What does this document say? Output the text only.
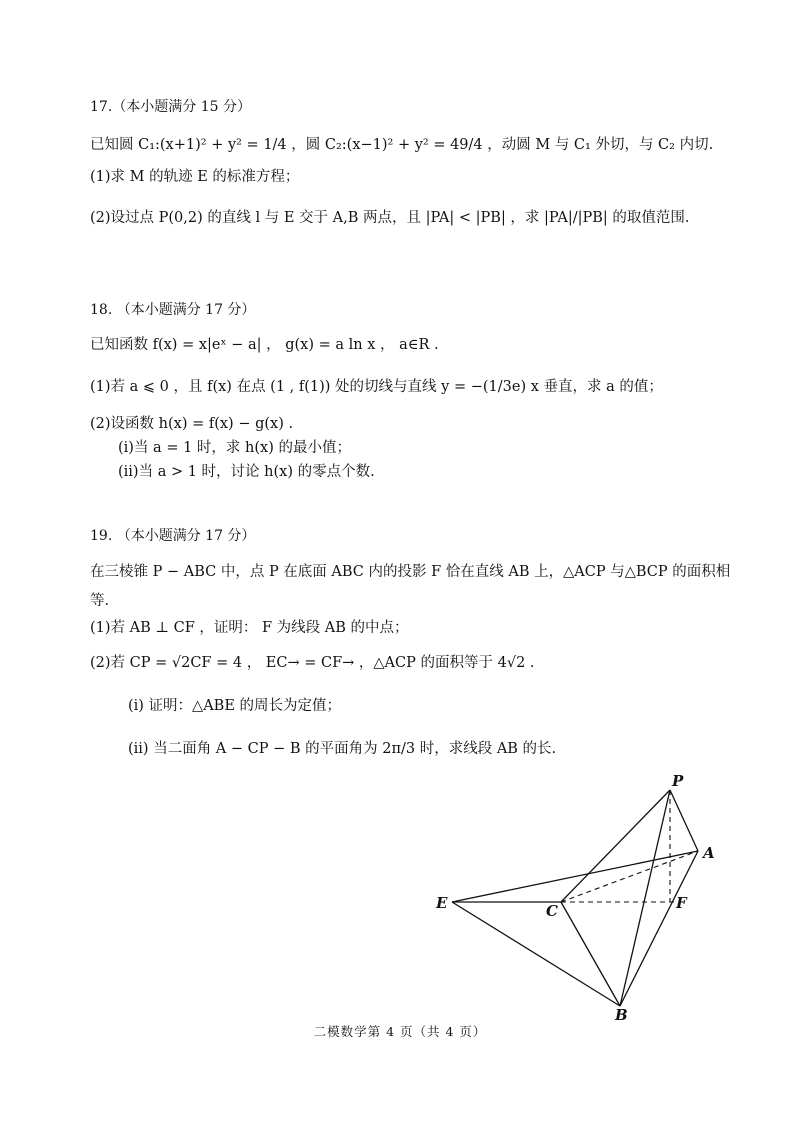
17.（本小题满分 15 分）
已知圆 C₁:(x+1)² + y² = 1/4 ，圆 C₂:(x−1)² + y² = 49/4 ，动圆 M 与 C₁ 外切，与 C₂ 内切.
(1)求 M 的轨迹 E 的标准方程；
(2)设过点 P(0,2) 的直线 l 与 E 交于 A,B 两点，且 |PA| < |PB| ，求 |PA|/|PB| 的取值范围.
18. （本小题满分 17 分）
已知函数 f(x) = x|eˣ − a| ， g(x) = a ln x ， a∈R .
(1)若 a ⩽ 0 ，且 f(x) 在点 (1 , f(1)) 处的切线与直线 y = −(1/3e) x 垂直，求 a 的值；
(2)设函数 h(x) = f(x) − g(x) .
(i)当 a = 1 时，求 h(x) 的最小值；
(ii)当 a > 1 时，讨论 h(x) 的零点个数.
19. （本小题满分 17 分）
在三棱锥 P − ABC 中，点 P 在底面 ABC 内的投影 F 恰在直线 AB 上，△ACP 与△BCP 的面积相
等.
(1)若 AB ⊥ CF ，证明： F 为线段 AB 的中点；
(2)若 CP = √2CF = 4 ， EC→ = CF→ ，△ACP 的面积等于 4√2 .
(i) 证明：△ABE 的周长为定值；
(ii) 当二面角 A − CP − B 的平面角为 2π/3 时，求线段 AB 的长.
P
A
E	C	F
B
二模数学第 4 页（共 4 页）
